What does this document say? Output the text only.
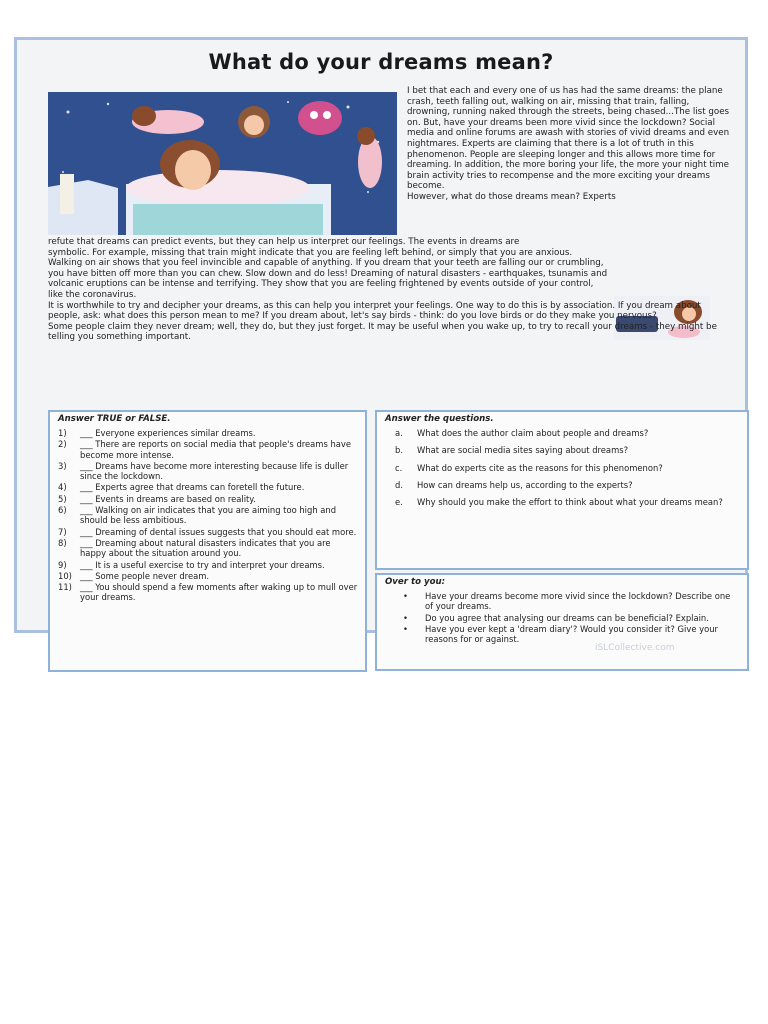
What do your dreams mean?
I bet that each and every one of us has had the same dreams: the plane crash, teeth falling out, walking on air, missing that train, falling, drowning, running naked through the streets, being chased...The list goes on. But, have your dreams been more vivid since the lockdown? Social media and online forums are awash with stories of vivid dreams and even nightmares. Experts are claiming that there is a lot of truth in this phenomenon. People are sleeping longer and this allows more time for dreaming. In addition, the more boring your life, the more your night time brain activity tries to recompense and the more exciting your dreams become.
However, what do those dreams mean? Experts
refute that dreams can predict events, but they can help us interpret our feelings. The events in dreams are
symbolic. For example, missing that train might indicate that you are feeling left behind, or simply that you are anxious. Walking on air shows that you feel invincible and capable of anything. If you dream that your teeth are falling our or crumbling, you have bitten off more than you can chew. Slow down and do less! Dreaming of natural disasters - earthquakes, tsunamis and volcanic eruptions can be intense and terrifying. They show that you are feeling frightened by events outside of your control, like the coronavirus.
It is worthwhile to try and decipher your dreams, as this can help you interpret your feelings. One way to do this is by association. If you dream about people, ask: what does this person mean to me? If you dream about, let's say birds - think: do you love birds or do they make you nervous?
Some people claim they never dream; well, they do, but they just forget. It may be useful when you wake up, to try to recall your dreams - they might be telling you something important.
Answer TRUE or FALSE.
1)	___ Everyone experiences similar dreams.
2)	___ There are reports on social media that people's dreams have become more intense.
3)	___ Dreams have become more interesting because life is duller since the lockdown.
4)	___ Experts agree that dreams can foretell the future.
5)	___ Events in dreams are based on reality.
6)	___ Walking on air indicates that you are aiming too high and should be less ambitious.
7)	___ Dreaming of dental issues suggests that you should eat more.
8)	___ Dreaming about natural disasters indicates that you are happy about the situation around you.
9)	___ It is a useful exercise to try and interpret your dreams.
10) ___ Some people never dream.
11) ___ You should spend a few moments after waking up to mull over your dreams.
Answer the questions.
a.	What does the author claim about people and dreams?
b.	What are social media sites saying about dreams?
c.	What do experts cite as the reasons for this phenomenon?
d.	How can dreams help us, according to the experts?
e.	Why should you make the effort to think about what your dreams mean?
Over to you:
•	Have your dreams become more vivid since the lockdown? Describe one of your dreams.
•	Do you agree that analysing our dreams can be beneficial? Explain.
•	Have you ever kept a 'dream diary'? Would you consider it? Give your reasons for or against.
iSLCollective.com
